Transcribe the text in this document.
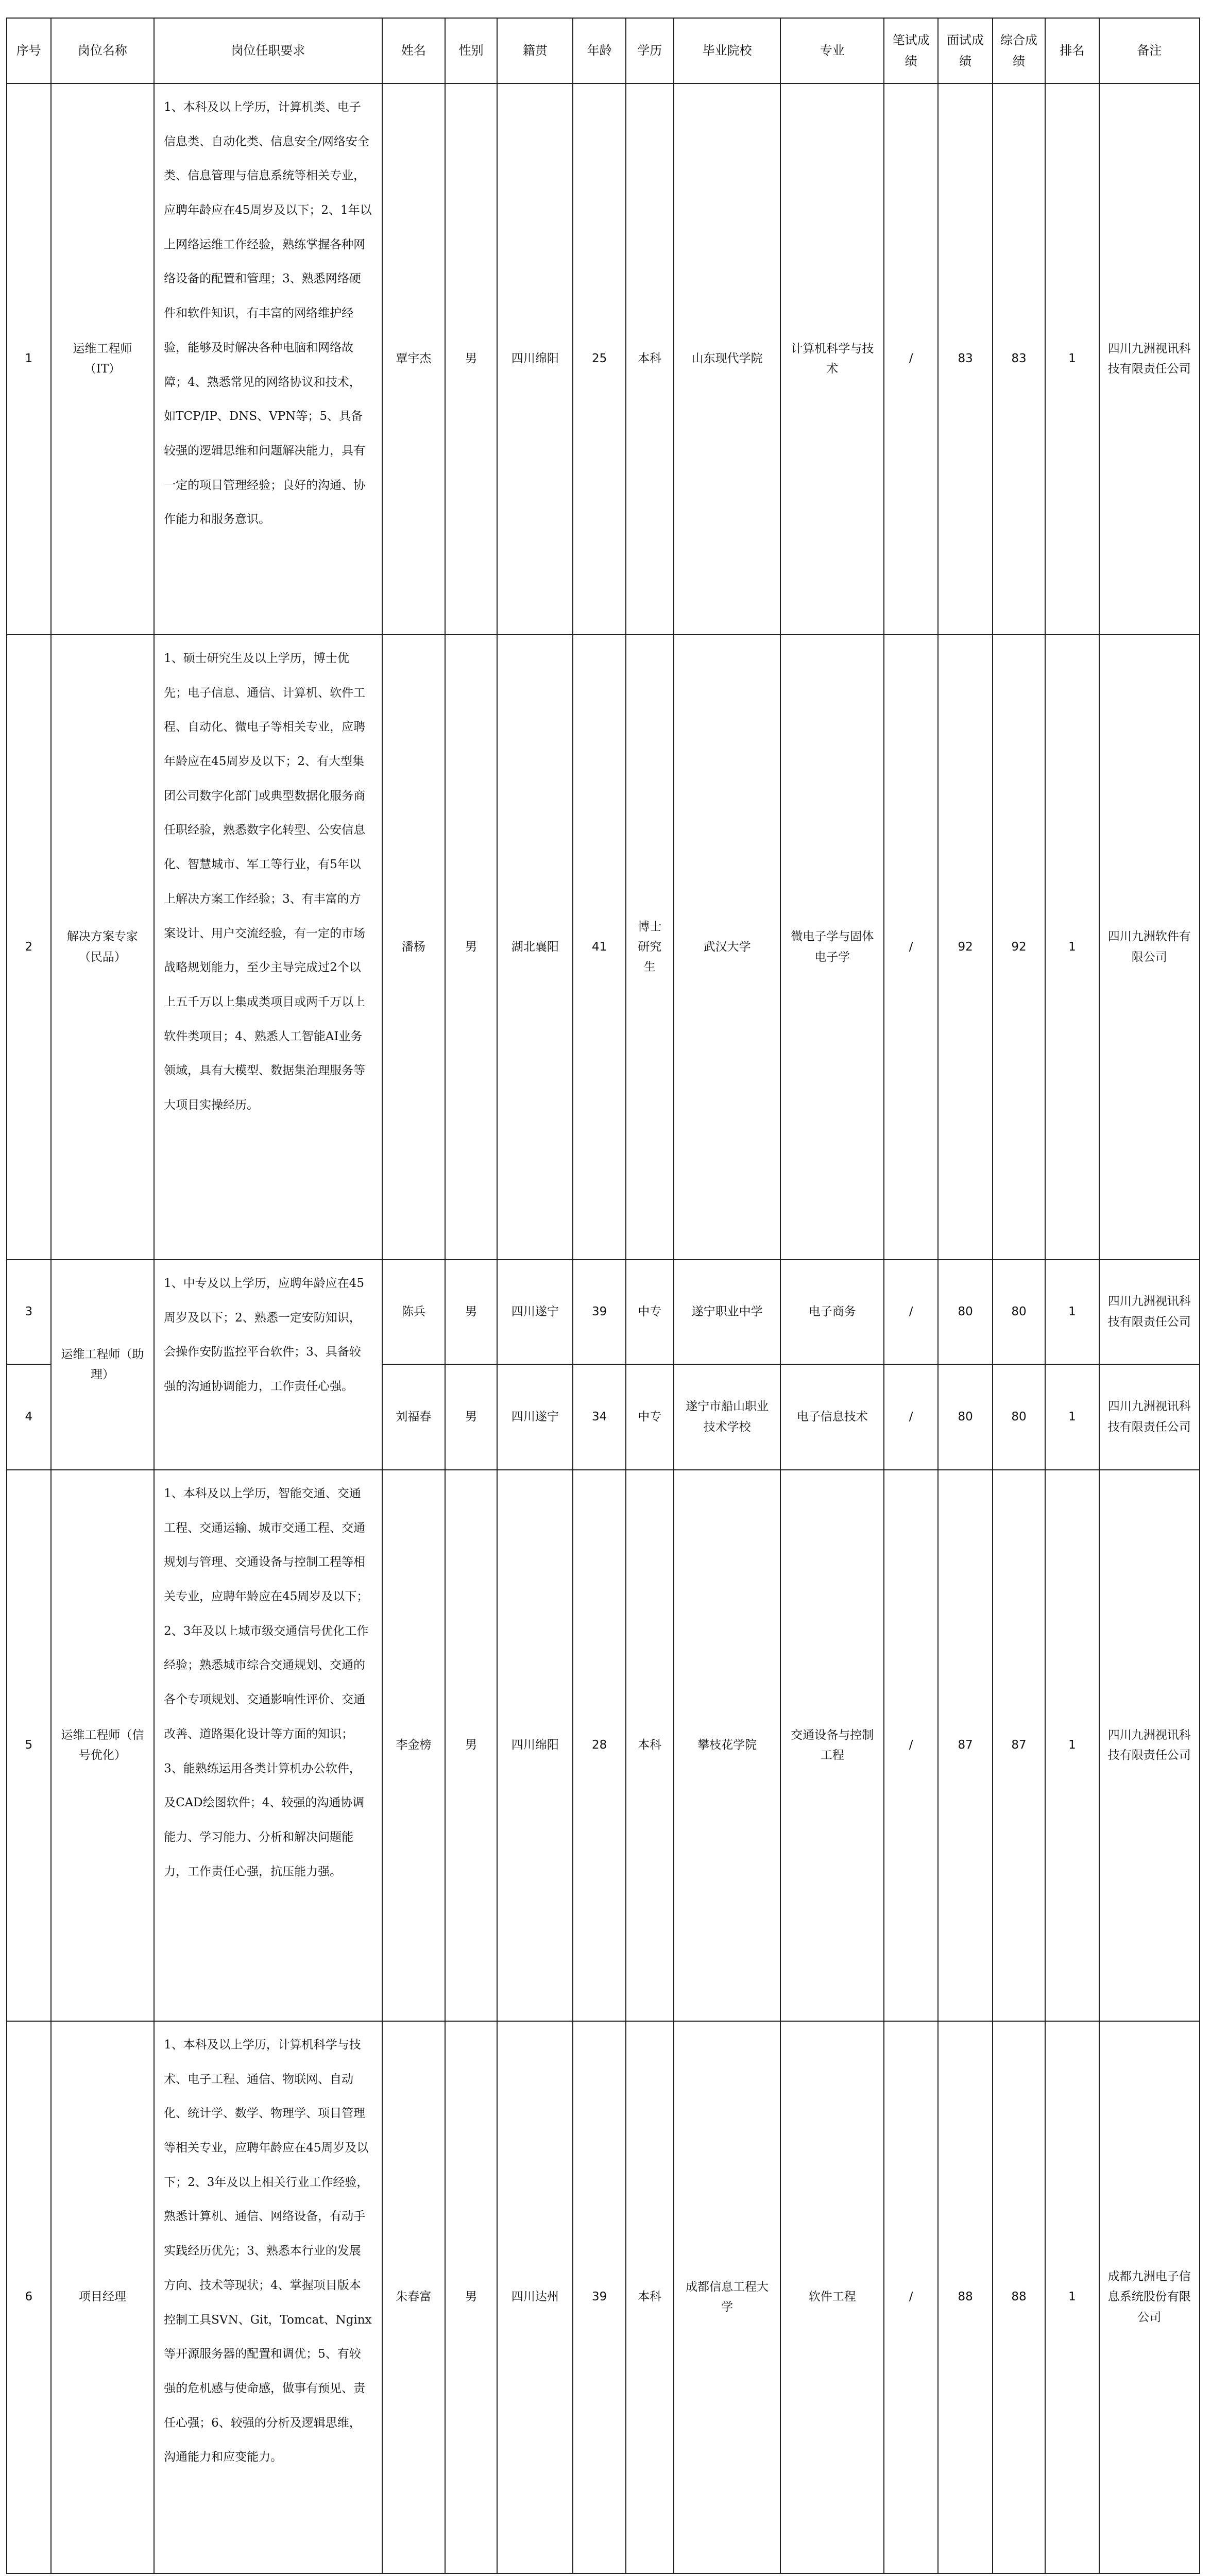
序号	岗位名称	岗位任职要求	姓名	性别	籍贯	年龄	学历	毕业院校	专业	笔试成绩	面试成绩	综合成绩	排名	备注
1	运维工程师（IT）	1、本科及以上学历，计算机类、电子信息类、自动化类、信息安全/网络安全类、信息管理与信息系统等相关专业，应聘年龄应在45周岁及以下；2、1年以上网络运维工作经验，熟练掌握各种网络设备的配置和管理；3、熟悉网络硬件和软件知识，有丰富的网络维护经验，能够及时解决各种电脑和网络故障；4、熟悉常见的网络协议和技术，如TCP/IP、DNS、VPN等；5、具备较强的逻辑思维和问题解决能力，具有一定的项目管理经验；良好的沟通、协作能力和服务意识。	覃宇杰	男	四川绵阳	25	本科	山东现代学院	计算机科学与技术	/	83	83	1	四川九洲视讯科技有限责任公司
2	解决方案专家（民品）	1、硕士研究生及以上学历，博士优先；电子信息、通信、计算机、软件工程、自动化、微电子等相关专业，应聘年龄应在45周岁及以下；2、有大型集团公司数字化部门或典型数据化服务商任职经验，熟悉数字化转型、公安信息化、智慧城市、军工等行业，有5年以上解决方案工作经验；3、有丰富的方案设计、用户交流经验，有一定的市场战略规划能力，至少主导完成过2个以上五千万以上集成类项目或两千万以上软件类项目；4、熟悉人工智能AI业务领域，具有大模型、数据集治理服务等大项目实操经历。	潘杨	男	湖北襄阳	41	博士研究生	武汉大学	微电子学与固体电子学	/	92	92	1	四川九洲软件有限公司
3	运维工程师（助理）	1、中专及以上学历，应聘年龄应在45周岁及以下；2、熟悉一定安防知识，会操作安防监控平台软件；3、具备较强的沟通协调能力，工作责任心强。	陈兵	男	四川遂宁	39	中专	遂宁职业中学	电子商务	/	80	80	1	四川九洲视讯科技有限责任公司
4			刘福春	男	四川遂宁	34	中专	遂宁市船山职业技术学校	电子信息技术	/	80	80	1	四川九洲视讯科技有限责任公司
5	运维工程师（信号优化）	1、本科及以上学历，智能交通、交通工程、交通运输、城市交通工程、交通规划与管理、交通设备与控制工程等相关专业，应聘年龄应在45周岁及以下；2、3年及以上城市级交通信号优化工作经验；熟悉城市综合交通规划、交通的各个专项规划、交通影响性评价、交通改善、道路渠化设计等方面的知识；3、能熟练运用各类计算机办公软件，及CAD绘图软件；4、较强的沟通协调能力、学习能力、分析和解决问题能力，工作责任心强，抗压能力强。	李金榜	男	四川绵阳	28	本科	攀枝花学院	交通设备与控制工程	/	87	87	1	四川九洲视讯科技有限责任公司
6	项目经理	1、本科及以上学历，计算机科学与技术、电子工程、通信、物联网、自动化、统计学、数学、物理学、项目管理等相关专业，应聘年龄应在45周岁及以下；2、3年及以上相关行业工作经验，熟悉计算机、通信、网络设备，有动手实践经历优先；3、熟悉本行业的发展方向、技术等现状；4、掌握项目版本控制工具SVN、Git，Tomcat、Nginx等开源服务器的配置和调优；5、有较强的危机感与使命感，做事有预见、责任心强；6、较强的分析及逻辑思维，沟通能力和应变能力。	朱春富	男	四川达州	39	本科	成都信息工程大学	软件工程	/	88	88	1	成都九洲电子信息系统股份有限公司
